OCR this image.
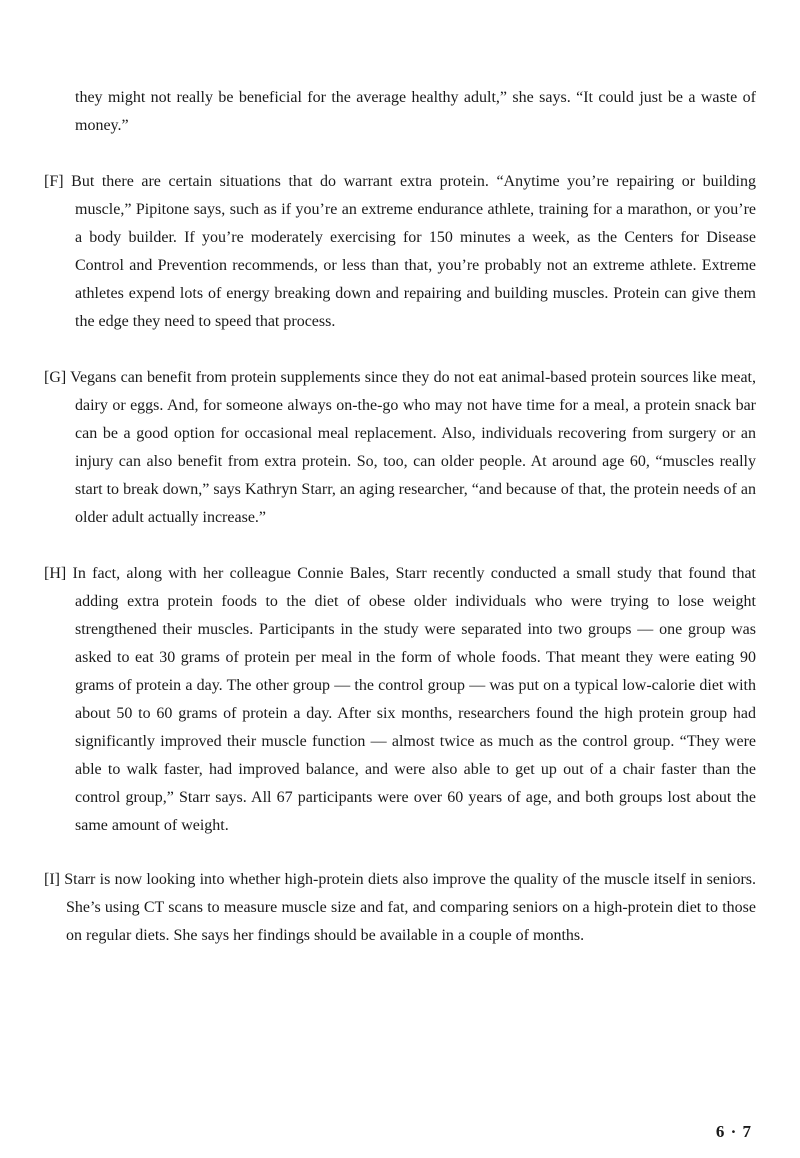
they might not really be beneficial for the average healthy adult,” she says. “It could just be a waste of money.”

[F] But there are certain situations that do warrant extra protein. “Anytime you’re repairing or building muscle,” Pipitone says, such as if you’re an extreme endurance athlete, training for a marathon, or you’re a body builder. If you’re moderately exercising for 150 minutes a week, as the Centers for Disease Control and Prevention recommends, or less than that, you’re probably not an extreme athlete. Extreme athletes expend lots of energy breaking down and repairing and building muscles. Protein can give them the edge they need to speed that process.

[G] Vegans can benefit from protein supplements since they do not eat animal-based protein sources like meat, dairy or eggs. And, for someone always on-the-go who may not have time for a meal, a protein snack bar can be a good option for occasional meal replacement. Also, individuals recovering from surgery or an injury can also benefit from extra protein. So, too, can older people. At around age 60, “muscles really start to break down,” says Kathryn Starr, an aging researcher, “and because of that, the protein needs of an older adult actually increase.”

[H] In fact, along with her colleague Connie Bales, Starr recently conducted a small study that found that adding extra protein foods to the diet of obese older individuals who were trying to lose weight strengthened their muscles. Participants in the study were separated into two groups — one group was asked to eat 30 grams of protein per meal in the form of whole foods. That meant they were eating 90 grams of protein a day. The other group — the control group — was put on a typical low-calorie diet with about 50 to 60 grams of protein a day. After six months, researchers found the high protein group had significantly improved their muscle function — almost twice as much as the control group. “They were able to walk faster, had improved balance, and were also able to get up out of a chair faster than the control group,” Starr says. All 67 participants were over 60 years of age, and both groups lost about the same amount of weight.

[I] Starr is now looking into whether high-protein diets also improve the quality of the muscle itself in seniors. She’s using CT scans to measure muscle size and fat, and comparing seniors on a high-protein diet to those on regular diets. She says her findings should be available in a couple of months.

6 · 7
